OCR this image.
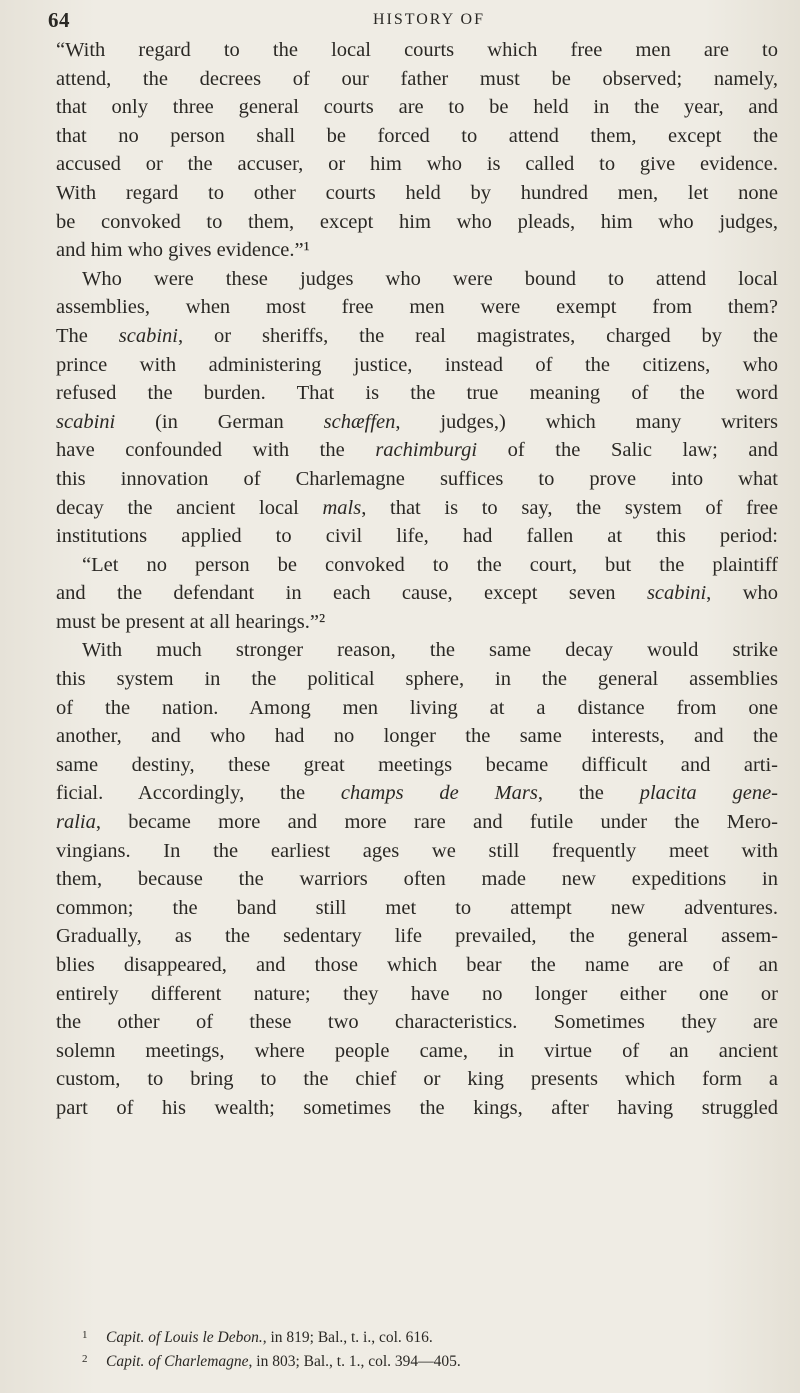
64	HISTORY OF
“With regard to the local courts which free men are to
attend, the decrees of our father must be observed; namely,
that only three general courts are to be held in the year, and
that no person shall be forced to attend them, except the
accused or the accuser, or him who is called to give evidence.
With regard to other courts held by hundred men, let none
be convoked to them, except him who pleads, him who judges,
and him who gives evidence.”¹
Who were these judges who were bound to attend local
assemblies, when most free men were exempt from them?
The scabini, or sheriffs, the real magistrates, charged by the
prince with administering justice, instead of the citizens, who
refused the burden. That is the true meaning of the word
scabini (in German schæffen, judges,) which many writers
have confounded with the rachimburgi of the Salic law; and
this innovation of Charlemagne suffices to prove into what
decay the ancient local mals, that is to say, the system of free
institutions applied to civil life, had fallen at this period:
“Let no person be convoked to the court, but the plaintiff
and the defendant in each cause, except seven scabini, who
must be present at all hearings.”²
With much stronger reason, the same decay would strike
this system in the political sphere, in the general assemblies
of the nation. Among men living at a distance from one
another, and who had no longer the same interests, and the
same destiny, these great meetings became difficult and arti-
ficial. Accordingly, the champs de Mars, the placita gene-
ralia, became more and more rare and futile under the Mero-
vingians. In the earliest ages we still frequently meet with
them, because the warriors often made new expeditions in
common; the band still met to attempt new adventures.
Gradually, as the sedentary life prevailed, the general assem-
blies disappeared, and those which bear the name are of an
entirely different nature; they have no longer either one or
the other of these two characteristics. Sometimes they are
solemn meetings, where people came, in virtue of an ancient
custom, to bring to the chief or king presents which form a
part of his wealth; sometimes the kings, after having struggled
1 Capit. of Louis le Debon., in 819; Bal., t. i., col. 616.
2 Capit. of Charlemagne, in 803; Bal., t. 1., col. 394—405.
